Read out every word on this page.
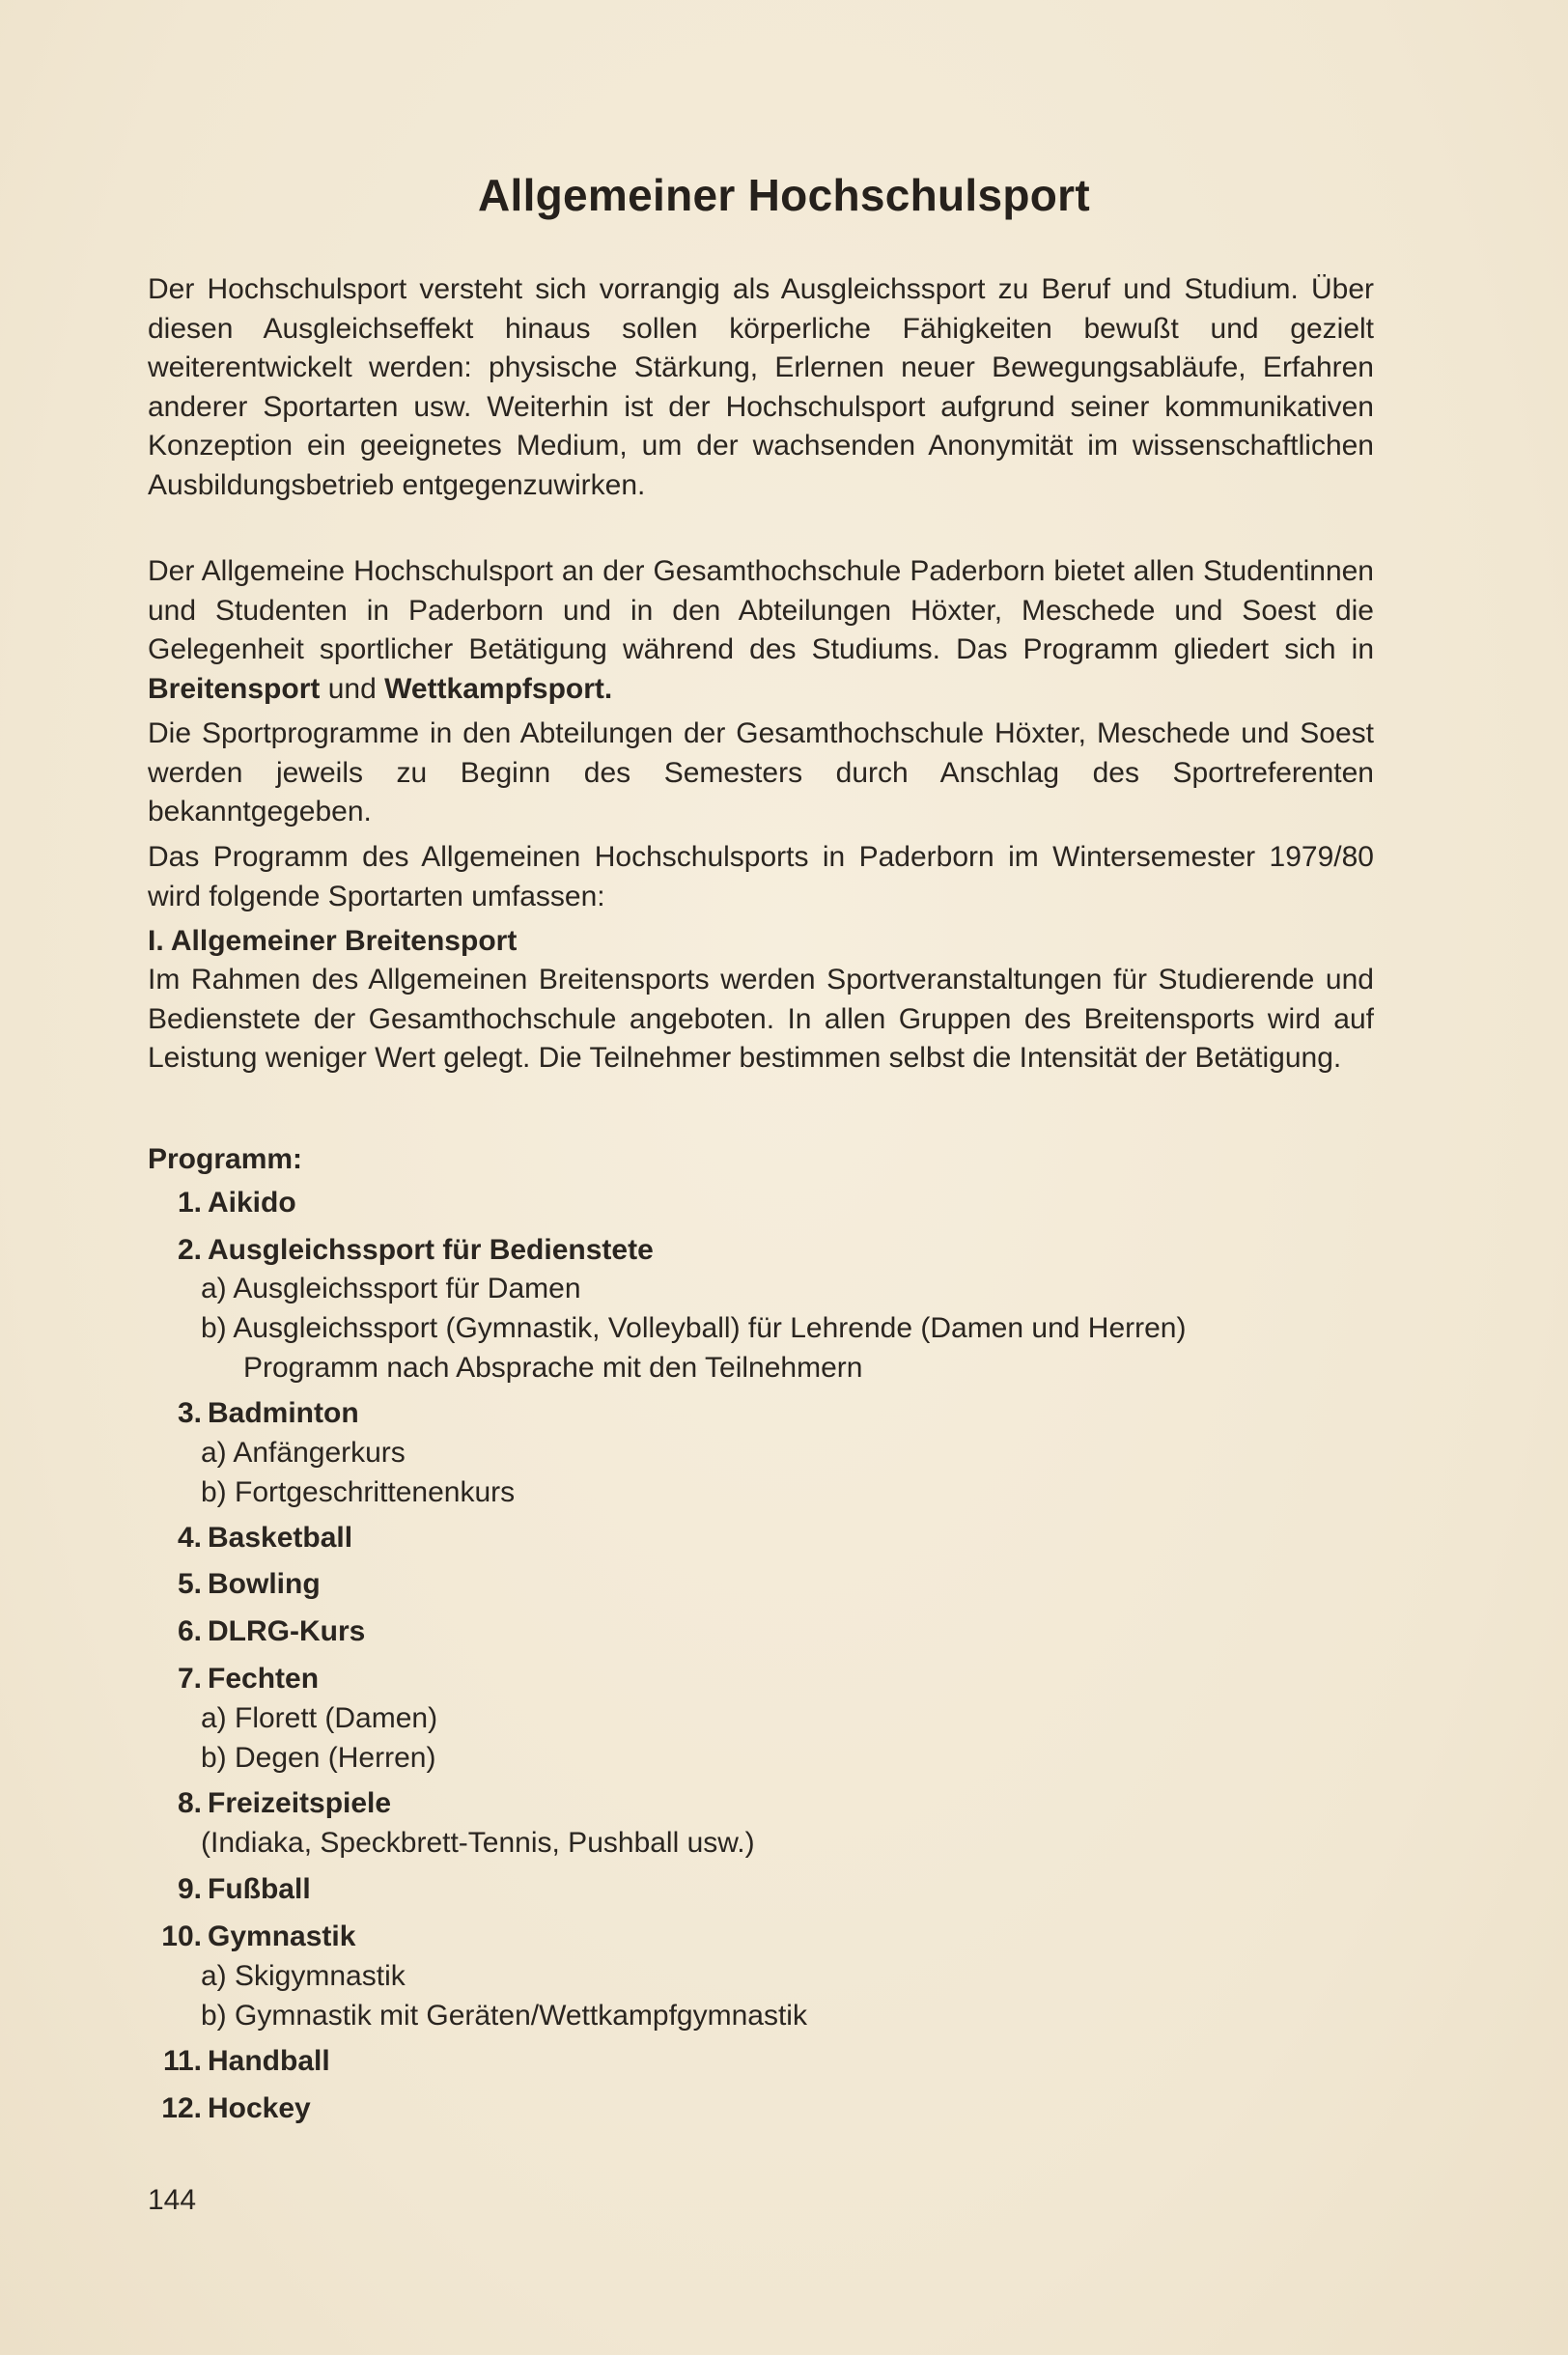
Allgemeiner Hochschulsport

Der Hochschulsport versteht sich vorrangig als Ausgleichssport zu Beruf und Studium. Über diesen Ausgleichseffekt hinaus sollen körperliche Fähigkeiten bewußt und gezielt weiterentwickelt werden: physische Stärkung, Erlernen neuer Bewegungsabläufe, Erfahren anderer Sportarten usw. Weiterhin ist der Hochschulsport aufgrund seiner kommunikativen Konzeption ein geeignetes Medium, um der wachsenden Anonymität im wissenschaftlichen Ausbildungsbetrieb entgegenzuwirken.

Der Allgemeine Hochschulsport an der Gesamthochschule Paderborn bietet allen Studentinnen und Studenten in Paderborn und in den Abteilungen Höxter, Meschede und Soest die Gelegenheit sportlicher Betätigung während des Studiums. Das Programm gliedert sich in Breitensport und Wettkampfsport.

Die Sportprogramme in den Abteilungen der Gesamthochschule Höxter, Meschede und Soest werden jeweils zu Beginn des Semesters durch Anschlag des Sportreferenten bekanntgegeben.

Das Programm des Allgemeinen Hochschulsports in Paderborn im Wintersemester 1979/80 wird folgende Sportarten umfassen:

I. Allgemeiner Breitensport

Im Rahmen des Allgemeinen Breitensports werden Sportveranstaltungen für Studierende und Bedienstete der Gesamthochschule angeboten. In allen Gruppen des Breitensports wird auf Leistung weniger Wert gelegt. Die Teilnehmer bestimmen selbst die Intensität der Betätigung.

Programm:

1. Aikido
2. Ausgleichssport für Bedienstete
a) Ausgleichssport für Damen
b) Ausgleichssport (Gymnastik, Volleyball) für Lehrende (Damen und Herren)
Programm nach Absprache mit den Teilnehmern
3. Badminton
a) Anfängerkurs
b) Fortgeschrittenenkurs
4. Basketball
5. Bowling
6. DLRG-Kurs
7. Fechten
a) Florett (Damen)
b) Degen (Herren)
8. Freizeitspiele
(Indiaka, Speckbrett-Tennis, Pushball usw.)
9. Fußball
10. Gymnastik
a) Skigymnastik
b) Gymnastik mit Geräten/Wettkampfgymnastik
11. Handball
12. Hockey
144
